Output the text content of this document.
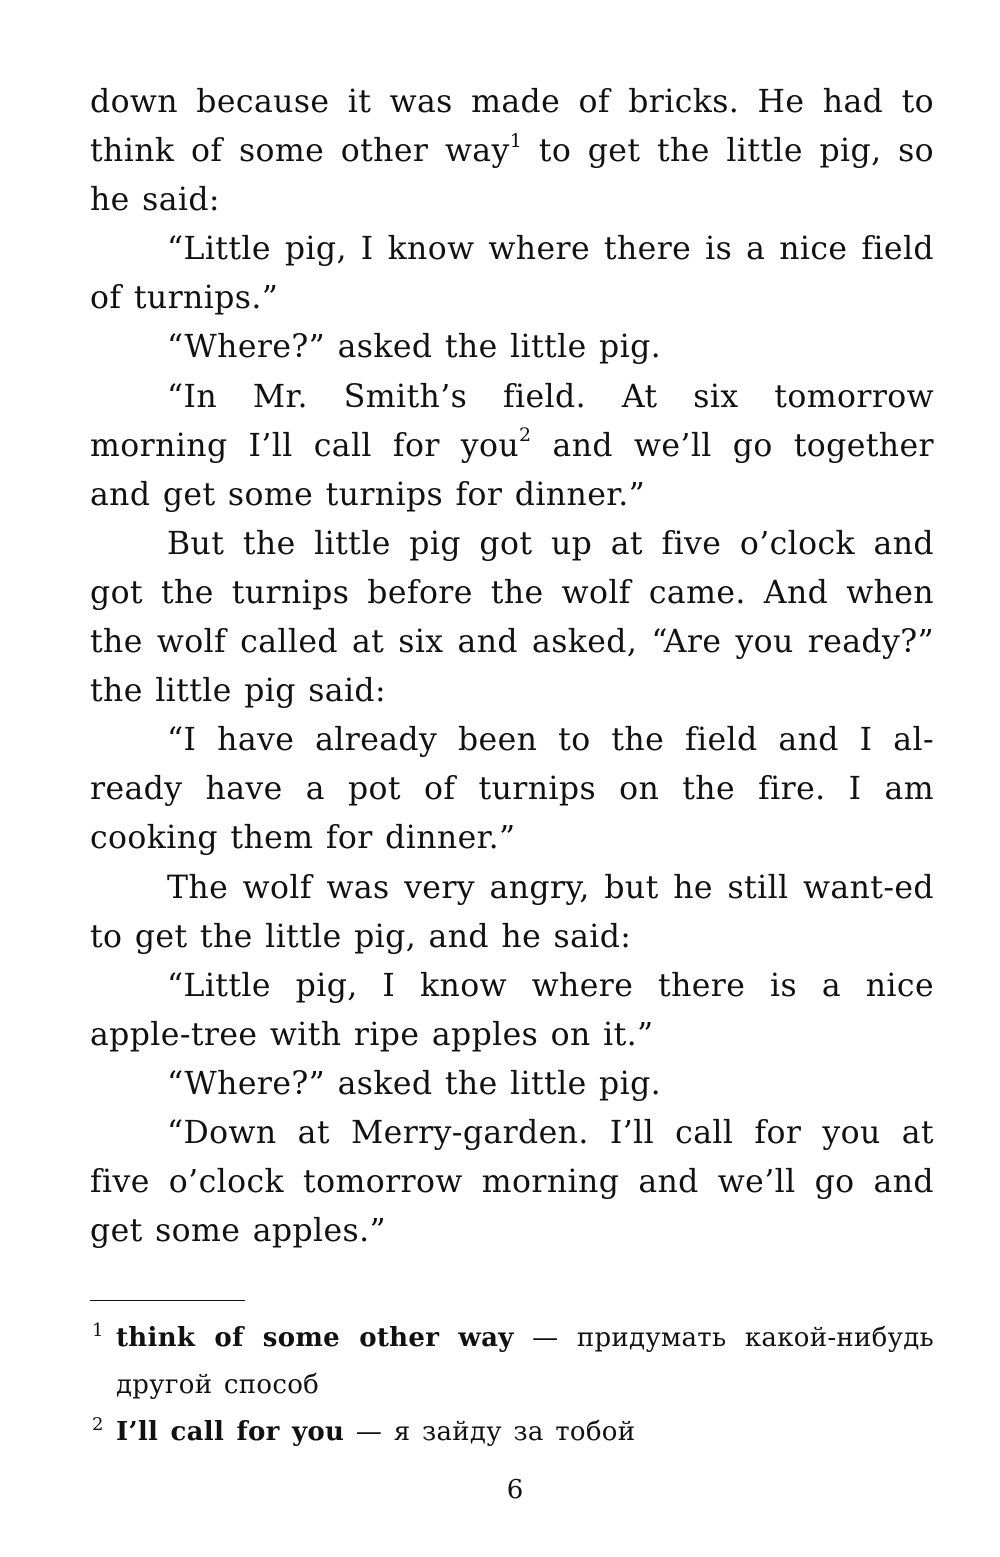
down because it was made of bricks. He had to think of some other way$^1$ to get the little pig, so he said:

“Little pig, I know where there is a nice field of turnips.”

“Where?” asked the little pig.

“In Mr. Smith’s field. At six tomorrow morning I’ll call for you$^2$ and we’ll go together and get some turnips for dinner.”

But the little pig got up at five o’clock and got the turnips before the wolf came. And when the wolf called at six and asked, “Are you ready?” the little pig said:

“I have already been to the field and I al-ready have a pot of turnips on the fire. I am cooking them for dinner.”

The wolf was very angry, but he still want-ed to get the little pig, and he said:

“Little pig, I know where there is a nice apple-tree with ripe apples on it.”

“Where?” asked the little pig.

“Down at Merry-garden. I’ll call for you at five o’clock tomorrow morning and we’ll go and get some apples.”

1 think of some other way — придумать какой-нибудь другой способ
2 I’ll call for you — я зайду за тобой
6
